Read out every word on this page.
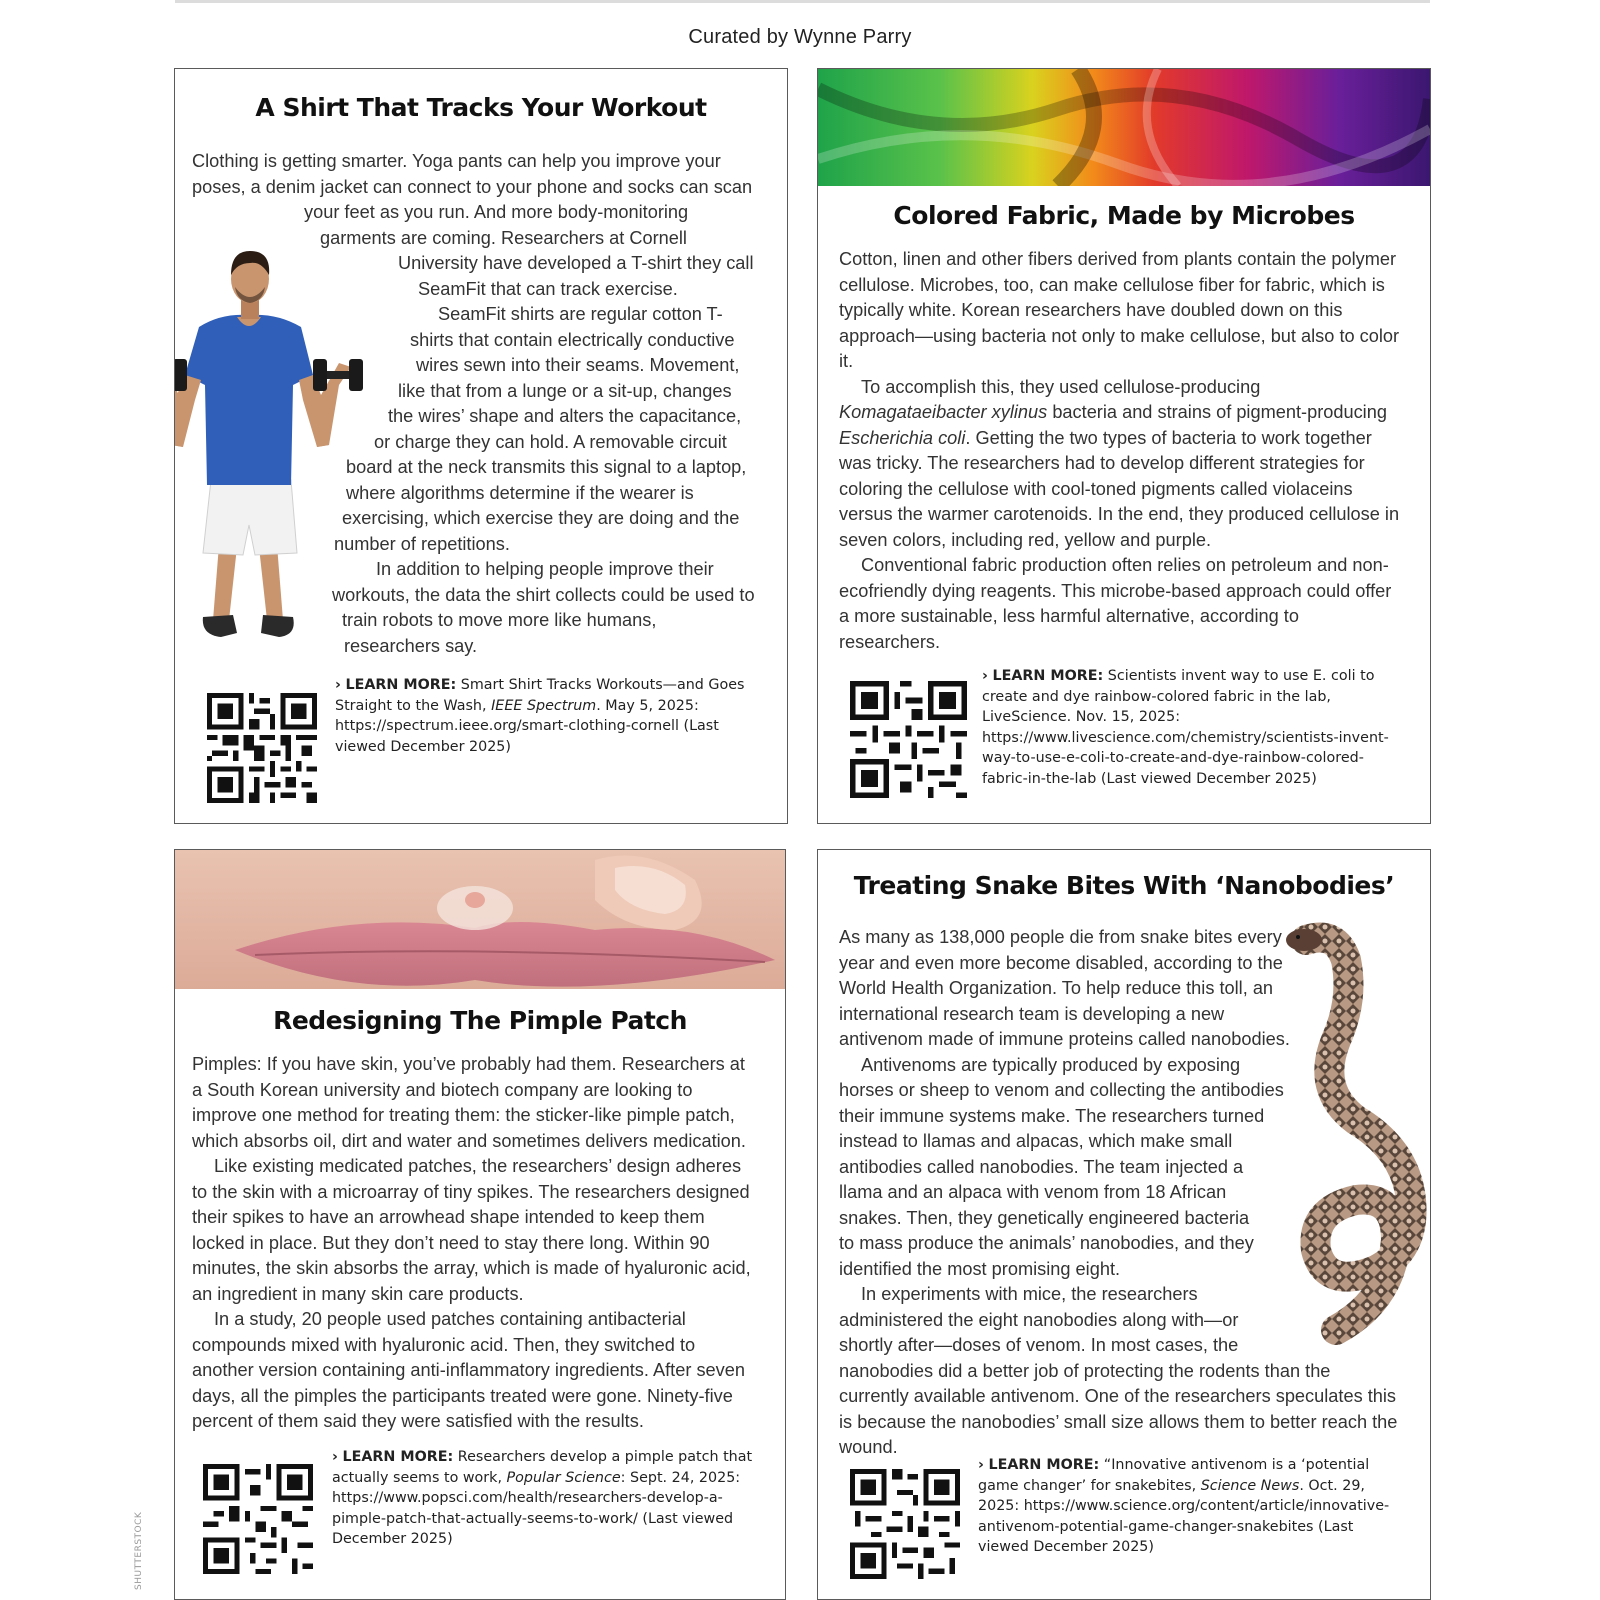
Curated by Wynne Parry
SHUTTERSTOCK
A Shirt That Tracks Your Workout

Clothing is getting smarter. Yoga pants can help you improve your poses, a denim jacket can connect to your phone and socks can scan your feet as you run. And more body-monitoring garments are coming. Researchers at Cornell University have developed a T-shirt they call SeamFit that can track exercise.

SeamFit shirts are regular cotton T-shirts that contain electrically conductive wires sewn into their seams. Movement, like that from a lunge or a sit-up, changes the wires’ shape and alters the capacitance, or charge they can hold. A removable circuit board at the neck transmits this signal to a laptop, where algorithms determine if the wearer is exercising, which exercise they are doing and the number of repetitions.

In addition to helping people improve their workouts, the data the shirt collects could be used to train robots to move more like humans, researchers say.

› LEARN MORE: Smart Shirt Tracks Workouts—and Goes Straight to the Wash, IEEE Spectrum. May 5, 2025: https://spectrum.ieee.org/smart-clothing-cornell (Last viewed December 2025)
Colored Fabric, Made by Microbes

Cotton, linen and other fibers derived from plants contain the polymer cellulose. Microbes, too, can make cellulose fiber for fabric, which is typically white. Korean researchers have doubled down on this approach—using bacteria not only to make cellulose, but also to color it.

To accomplish this, they used cellulose-producing Komagataeibacter xylinus bacteria and strains of pigment-producing Escherichia coli. Getting the two types of bacteria to work together was tricky. The researchers had to develop different strategies for coloring the cellulose with cool-toned pigments called violaceins versus the warmer carotenoids. In the end, they produced cellulose in seven colors, including red, yellow and purple.

Conventional fabric production often relies on petroleum and non-ecofriendly dying reagents. This microbe-based approach could offer a more sustainable, less harmful alternative, according to researchers.

› LEARN MORE: Scientists invent way to use E. coli to create and dye rainbow-colored fabric in the lab, LiveScience. Nov. 15, 2025: https://www.livescience.com/chemistry/scientists-invent-way-to-use-e-coli-to-create-and-dye-rainbow-colored-fabric-in-the-lab (Last viewed December 2025)
Redesigning The Pimple Patch

Pimples: If you have skin, you’ve probably had them. Researchers at a South Korean university and biotech company are looking to improve one method for treating them: the sticker-like pimple patch, which absorbs oil, dirt and water and sometimes delivers medication.

Like existing medicated patches, the researchers’ design adheres to the skin with a microarray of tiny spikes. The researchers designed their spikes to have an arrowhead shape intended to keep them locked in place. But they don’t need to stay there long. Within 90 minutes, the skin absorbs the array, which is made of hyaluronic acid, an ingredient in many skin care products.

In a study, 20 people used patches containing antibacterial compounds mixed with hyaluronic acid. Then, they switched to another version containing anti-inflammatory ingredients. After seven days, all the pimples the participants treated were gone. Ninety-five percent of them said they were satisfied with the results.

› LEARN MORE: Researchers develop a pimple patch that actually seems to work, Popular Science: Sept. 24, 2025: https://www.popsci.com/health/researchers-develop-a-pimple-patch-that-actually-seems-to-work/ (Last viewed December 2025)
Treating Snake Bites With ‘Nanobodies’

As many as 138,000 people die from snake bites every year and even more become disabled, according to the World Health Organization. To help reduce this toll, an international research team is developing a new antivenom made of immune proteins called nanobodies.

Antivenoms are typically produced by exposing horses or sheep to venom and collecting the antibodies their immune systems make. The researchers turned instead to llamas and alpacas, which make small antibodies called nanobodies. The team injected a llama and an alpaca with venom from 18 African snakes. Then, they genetically engineered bacteria to mass produce the animals’ nanobodies, and they identified the most promising eight.

In experiments with mice, the researchers administered the eight nanobodies along with—or shortly after—doses of venom. In most cases, the nanobodies did a better job of protecting the rodents than the currently available antivenom. One of the researchers speculates this is because the nanobodies’ small size allows them to better reach the wound.

› LEARN MORE: “Innovative antivenom is a ‘potential game changer’ for snakebites, Science News. Oct. 29, 2025: https://www.science.org/content/article/innovative-antivenom-potential-game-changer-snakebites (Last viewed December 2025)
